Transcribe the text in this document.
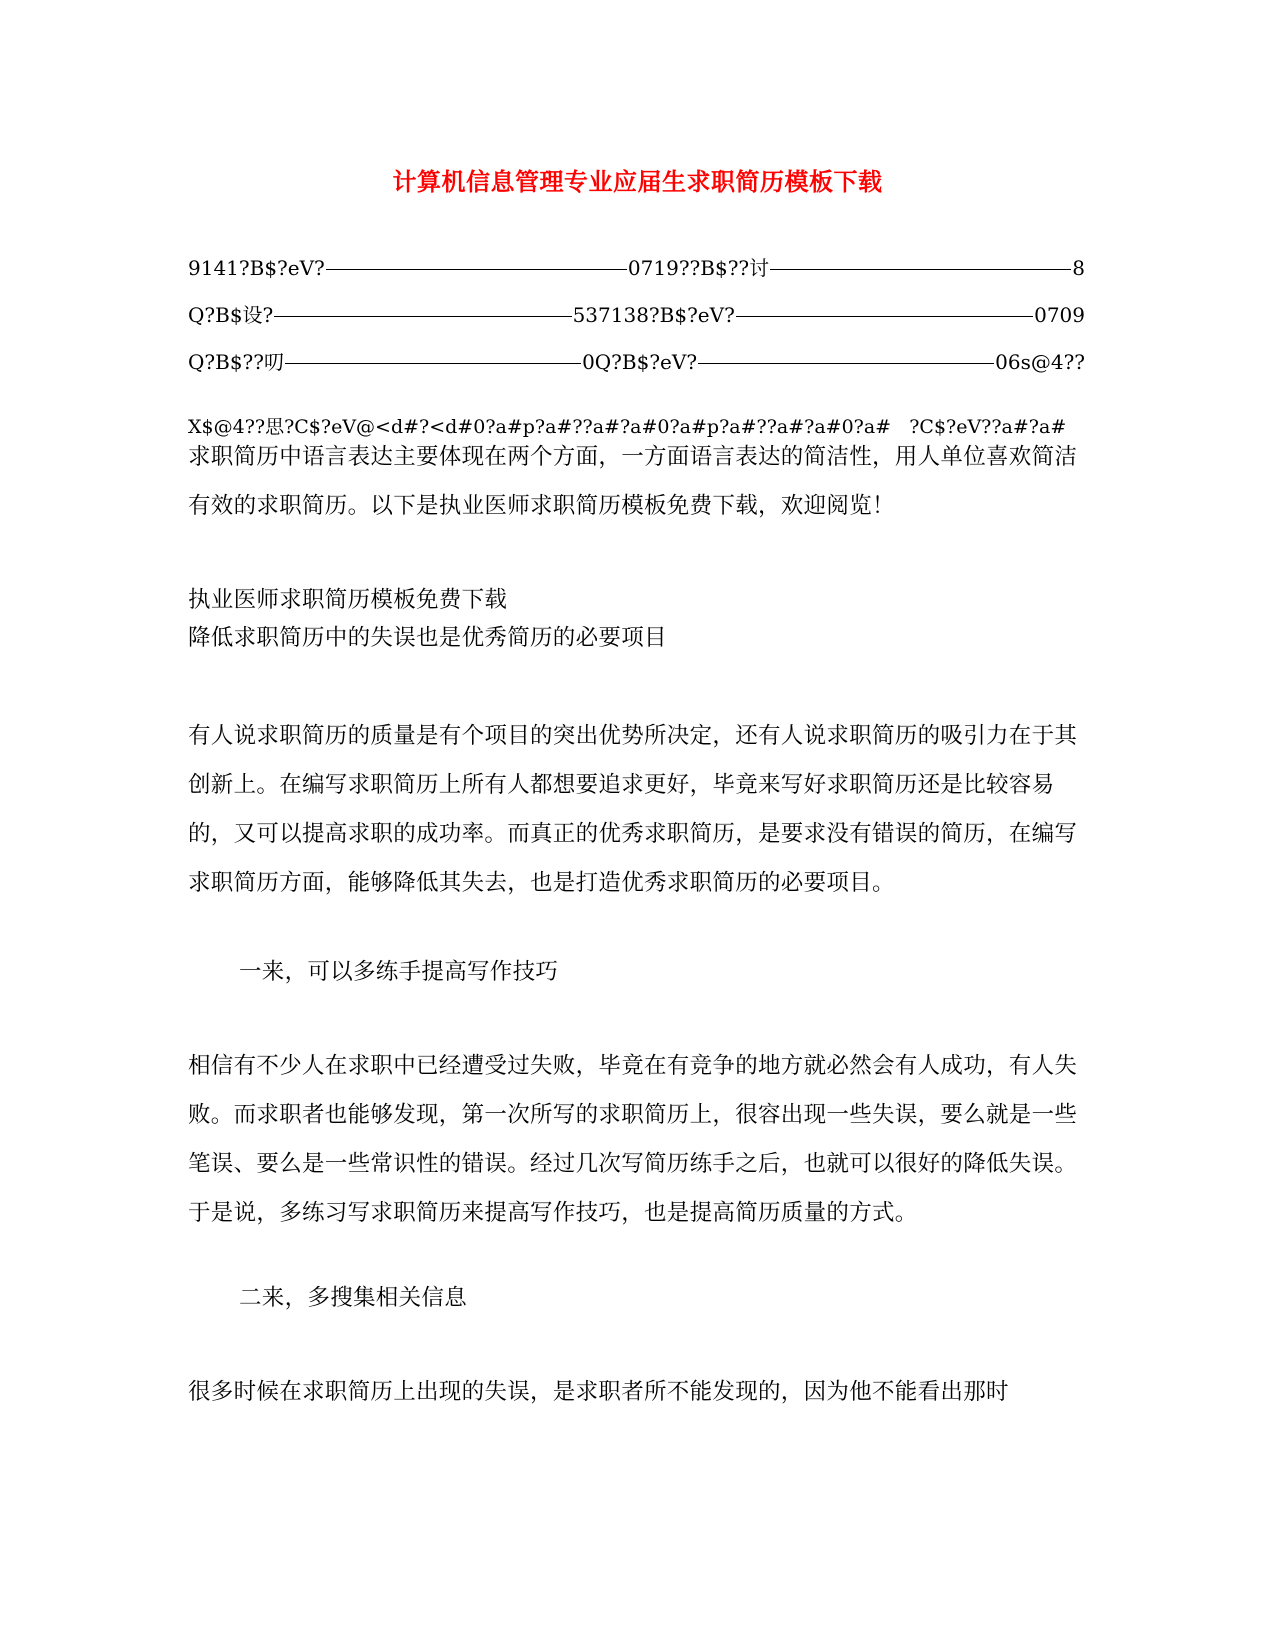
计算机信息管理专业应届生求职简历模板下载
9141?B$?eV?	0719??B$??讨	8
Q?B$设?	537138?B$?eV?	0709
Q?B$??叨	0Q?B$?eV?	06s@4??
X$@4??思?C$?eV@<d#?<d#0?a#p?a#??a#?a#0?a#p?a#??a#?a#0?a#   ?C$?eV??a#?a#
求职简历中语言表达主要体现在两个方面，一方面语言表达的简洁性，用人单位喜欢简洁有效的求职简历。以下是执业医师求职简历模板免费下载，欢迎阅览！
执业医师求职简历模板免费下载
降低求职简历中的失误也是优秀简历的必要项目
有人说求职简历的质量是有个项目的突出优势所决定，还有人说求职简历的吸引力在于其创新上。在编写求职简历上所有人都想要追求更好，毕竟来写好求职简历还是比较容易的，又可以提高求职的成功率。而真正的优秀求职简历，是要求没有错误的简历，在编写求职简历方面，能够降低其失去，也是打造优秀求职简历的必要项目。
一来，可以多练手提高写作技巧
相信有不少人在求职中已经遭受过失败，毕竟在有竞争的地方就必然会有人成功，有人失败。而求职者也能够发现，第一次所写的求职简历上，很容出现一些失误，要么就是一些笔误、要么是一些常识性的错误。经过几次写简历练手之后，也就可以很好的降低失误。于是说，多练习写求职简历来提高写作技巧，也是提高简历质量的方式。
二来，多搜集相关信息
很多时候在求职简历上出现的失误，是求职者所不能发现的，因为他不能看出那时
